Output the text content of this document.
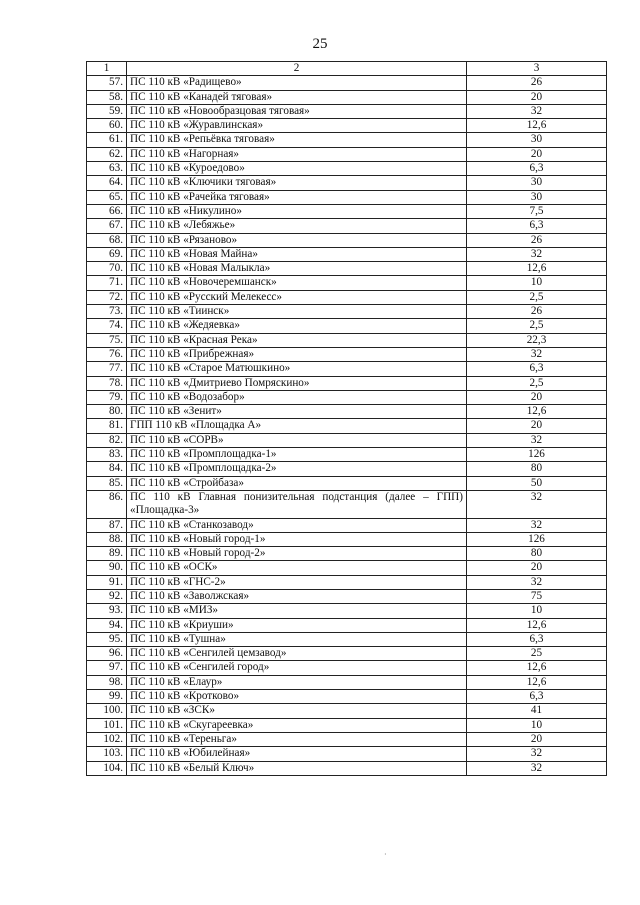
25
1	2	3
57.	ПС 110 кВ «Радищево»	26
58.	ПС 110 кВ «Канадей тяговая»	20
59.	ПС 110 кВ «Новообразцовая тяговая»	32
60.	ПС 110 кВ «Журавлинская»	12,6
61.	ПС 110 кВ «Репьёвка тяговая»	30
62.	ПС 110 кВ «Нагорная»	20
63.	ПС 110 кВ «Куроедово»	6,3
64.	ПС 110 кВ «Ключики тяговая»	30
65.	ПС 110 кВ «Рачейка тяговая»	30
66.	ПС 110 кВ «Никулино»	7,5
67.	ПС 110 кВ «Лебяжье»	6,3
68.	ПС 110 кВ «Рязаново»	26
69.	ПС 110 кВ «Новая Майна»	32
70.	ПС 110 кВ «Новая Малыкла»	12,6
71.	ПС 110 кВ «Новочеремшанск»	10
72.	ПС 110 кВ «Русский Мелекесс»	2,5
73.	ПС 110 кВ «Тиинск»	26
74.	ПС 110 кВ «Жедяевка»	2,5
75.	ПС 110 кВ «Красная Река»	22,3
76.	ПС 110 кВ «Прибрежная»	32
77.	ПС 110 кВ «Старое Матюшкино»	6,3
78.	ПС 110 кВ «Дмитриево Помряскино»	2,5
79.	ПС 110 кВ «Водозабор»	20
80.	ПС 110 кВ «Зенит»	12,6
81.	ГПП 110 кВ «Площадка А»	20
82.	ПС 110 кВ «СОРВ»	32
83.	ПС 110 кВ «Промплощадка-1»	126
84.	ПС 110 кВ «Промплощадка-2»	80
85.	ПС 110 кВ «Стройбаза»	50
86.	ПС 110 кВ Главная понизительная подстанция (далее – ГПП) «Площадка-3»	32
87.	ПС 110 кВ «Станкозавод»	32
88.	ПС 110 кВ «Новый город-1»	126
89.	ПС 110 кВ «Новый город-2»	80
90.	ПС 110 кВ «ОСК»	20
91.	ПС 110 кВ «ГНС-2»	32
92.	ПС 110 кВ «Заволжская»	75
93.	ПС 110 кВ «МИЗ»	10
94.	ПС 110 кВ «Криуши»	12,6
95.	ПС 110 кВ «Тушна»	6,3
96.	ПС 110 кВ «Сенгилей цемзавод»	25
97.	ПС 110 кВ «Сенгилей город»	12,6
98.	ПС 110 кВ «Елаур»	12,6
99.	ПС 110 кВ «Кротково»	6,3
100.	ПС 110 кВ «ЗСК»	41
101.	ПС 110 кВ «Скугареевка»	10
102.	ПС 110 кВ «Тереньга»	20
103.	ПС 110 кВ «Юбилейная»	32
104.	ПС 110 кВ «Белый Ключ»	32
·
